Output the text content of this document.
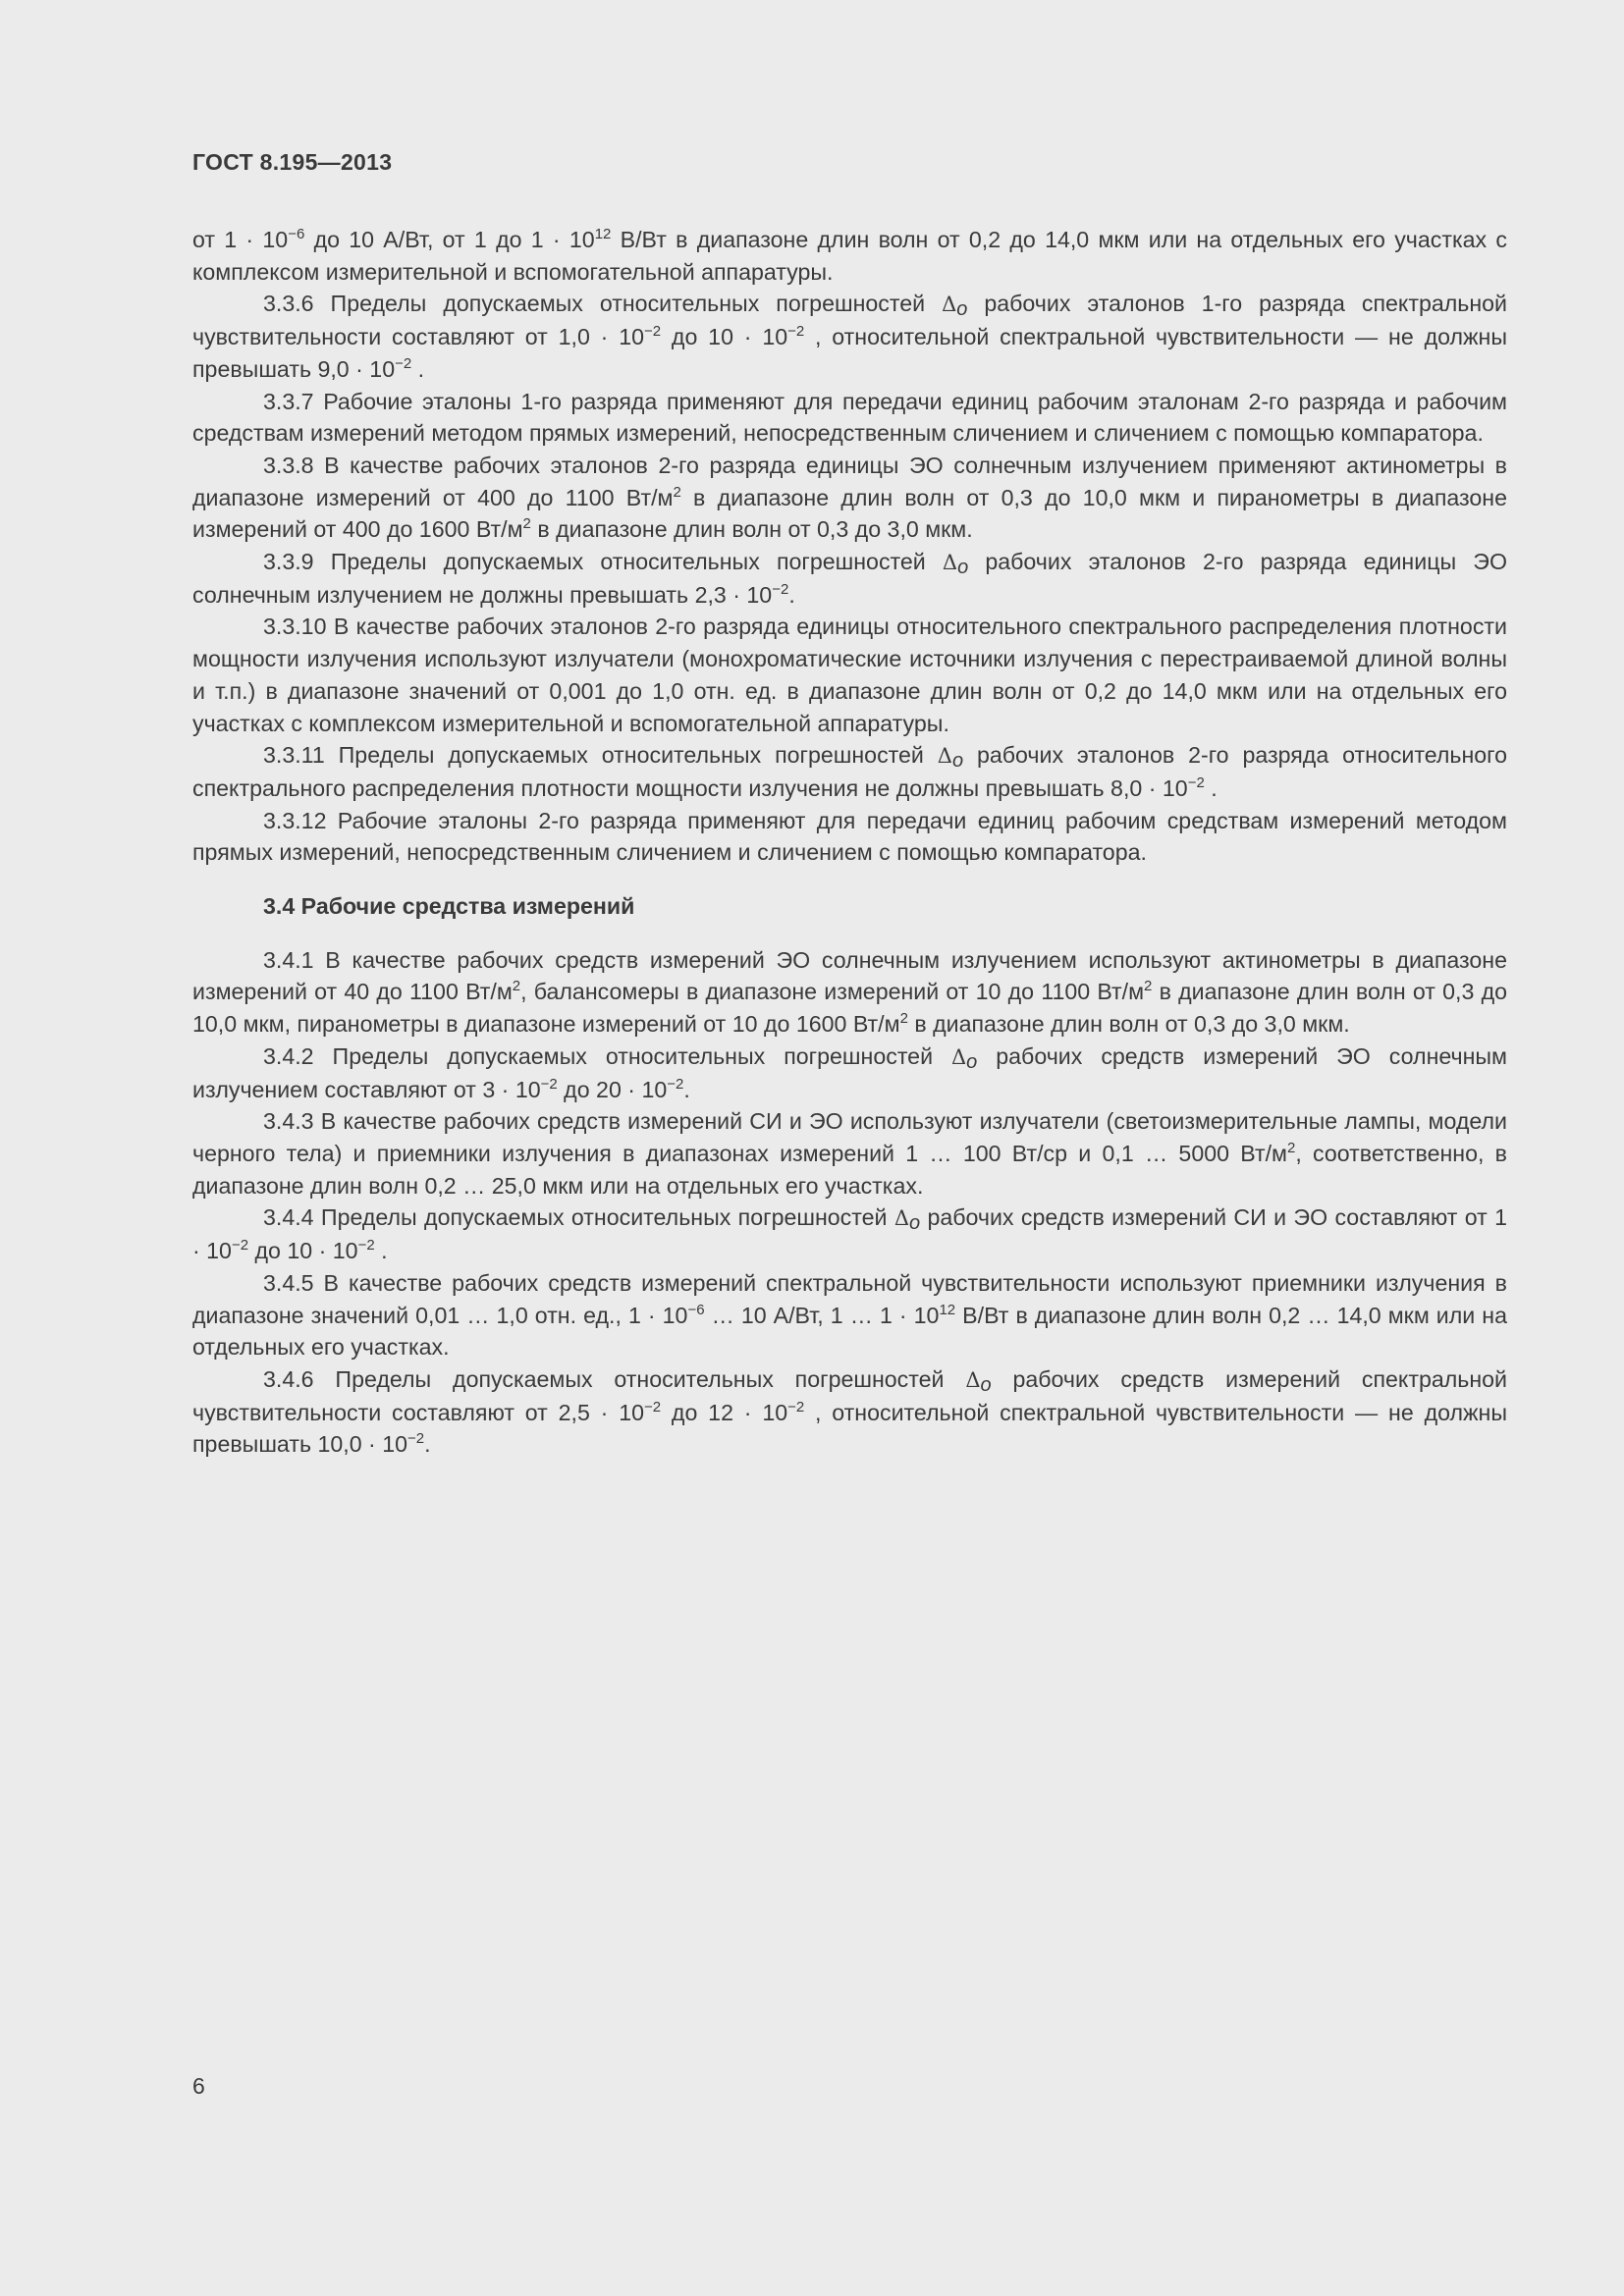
ГОСТ 8.195—2013

от $1 \cdot 10^{-6}$ до 10 А/Вт, от 1 до $1 \cdot 10^{12}$ В/Вт в диапазоне длин волн от 0,2 до 14,0 мкм или на отдельных его участках с комплексом измерительной и вспомогательной аппаратуры.

3.3.6 Пределы допускаемых относительных погрешностей $\Delta_o$ рабочих эталонов 1-го разряда спектральной чувствительности составляют от $1,0 \cdot 10^{-2}$ до $10 \cdot 10^{-2}$ , относительной спектральной чувствительности — не должны превышать $9,0 \cdot 10^{-2}$ .

3.3.7 Рабочие эталоны 1-го разряда применяют для передачи единиц рабочим эталонам 2-го разряда и рабочим средствам измерений методом прямых измерений, непосредственным сличением и сличением с помощью компаратора.

3.3.8 В качестве рабочих эталонов 2-го разряда единицы ЭО солнечным излучением применяют актинометры в диапазоне измерений от 400 до 1100 $Вт/м^2$ в диапазоне длин волн от 0,3 до 10,0 мкм и пиранометры в диапазоне измерений от 400 до 1600 $Вт/м^2$ в диапазоне длин волн от 0,3 до 3,0 мкм.

3.3.9 Пределы допускаемых относительных погрешностей $\Delta_o$ рабочих эталонов 2-го разряда единицы ЭО солнечным излучением не должны превышать $2,3 \cdot 10^{-2}$.

3.3.10 В качестве рабочих эталонов 2-го разряда единицы относительного спектрального распределения плотности мощности излучения используют излучатели (монохроматические источники излучения с перестраиваемой длиной волны и т.п.) в диапазоне значений от 0,001 до 1,0 отн. ед. в диапазоне длин волн от 0,2 до 14,0 мкм или на отдельных его участках с комплексом измерительной и вспомогательной аппаратуры.

3.3.11 Пределы допускаемых относительных погрешностей $\Delta_o$ рабочих эталонов 2-го разряда относительного спектрального распределения плотности мощности излучения не должны превышать $8,0 \cdot 10^{-2}$ .

3.3.12 Рабочие эталоны 2-го разряда применяют для передачи единиц рабочим средствам измерений методом прямых измерений, непосредственным сличением и сличением с помощью компаратора.

3.4 Рабочие средства измерений

3.4.1 В качестве рабочих средств измерений ЭО солнечным излучением используют актинометры в диапазоне измерений от 40 до 1100 $Вт/м^2$, балансомеры в диапазоне измерений от 10 до 1100 $Вт/м^2$ в диапазоне длин волн от 0,3 до 10,0 мкм, пиранометры в диапазоне измерений от 10 до 1600 $Вт/м^2$ в диапазоне длин волн от 0,3 до 3,0 мкм.

3.4.2 Пределы допускаемых относительных погрешностей $\Delta_o$ рабочих средств измерений ЭО солнечным излучением составляют от $3 \cdot 10^{-2}$ до $20 \cdot 10^{-2}$.

3.4.3 В качестве рабочих средств измерений СИ и ЭО используют излучатели (светоизмерительные лампы, модели черного тела) и приемники излучения в диапазонах измерений 1 … 100 Вт/ср и 0,1 … 5000 $Вт/м^2$, соответственно, в диапазоне длин волн 0,2 … 25,0 мкм или на отдельных его участках.

3.4.4 Пределы допускаемых относительных погрешностей $\Delta_o$ рабочих средств измерений СИ и ЭО составляют от $1 \cdot 10^{-2}$ до $10 \cdot 10^{-2}$ .

3.4.5 В качестве рабочих средств измерений спектральной чувствительности используют приемники излучения в диапазоне значений 0,01 … 1,0 отн. ед., $1 \cdot 10^{-6}$ … 10 А/Вт, 1 … $1 \cdot 10^{12}$ В/Вт в диапазоне длин волн 0,2 … 14,0 мкм или на отдельных его участках.

3.4.6 Пределы допускаемых относительных погрешностей $\Delta_o$ рабочих средств измерений спектральной чувствительности составляют от $2,5 \cdot 10^{-2}$ до $12 \cdot 10^{-2}$ , относительной спектральной чувствительности — не должны превышать $10,0 \cdot 10^{-2}$.

6
